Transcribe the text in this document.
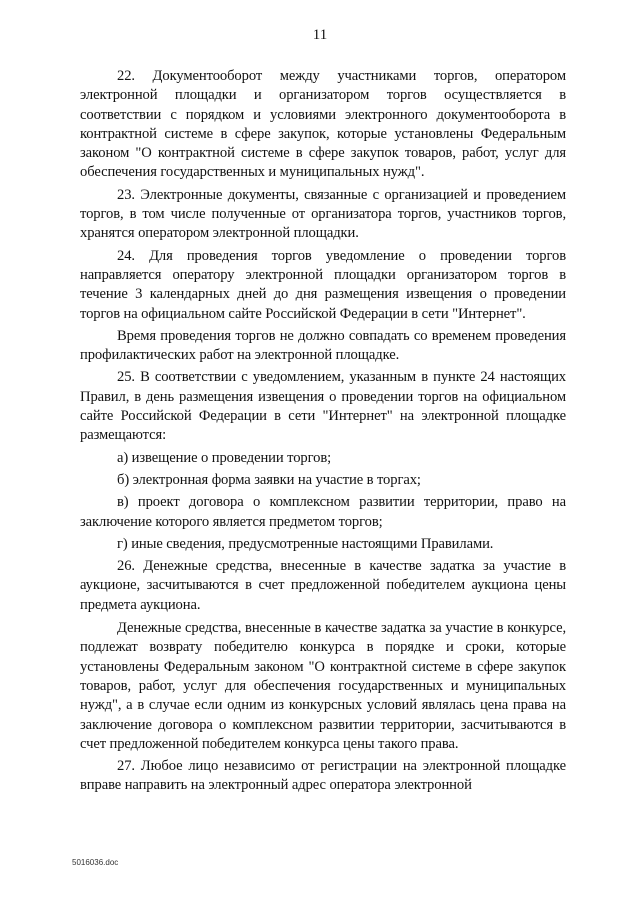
11

22. Документооборот между участниками торгов, оператором электронной площадки и организатором торгов осуществляется в соответствии с порядком и условиями электронного документооборота в контрактной системе в сфере закупок, которые установлены Федеральным законом "О контрактной системе в сфере закупок товаров, работ, услуг для обеспечения государственных и муниципальных нужд".

23. Электронные документы, связанные с организацией и проведением торгов, в том числе полученные от организатора торгов, участников торгов, хранятся оператором электронной площадки.

24. Для проведения торгов уведомление о проведении торгов направляется оператору электронной площадки организатором торгов в течение 3 календарных дней до дня размещения извещения о проведении торгов на официальном сайте Российской Федерации в сети "Интернет".

Время проведения торгов не должно совпадать со временем проведения профилактических работ на электронной площадке.

25. В соответствии с уведомлением, указанным в пункте 24 настоящих Правил, в день размещения извещения о проведении торгов на официальном сайте Российской Федерации в сети "Интернет" на электронной площадке размещаются:

а) извещение о проведении торгов;

б) электронная форма заявки на участие в торгах;

в) проект договора о комплексном развитии территории, право на заключение которого является предметом торгов;

г) иные сведения, предусмотренные настоящими Правилами.

26. Денежные средства, внесенные в качестве задатка за участие в аукционе, засчитываются в счет предложенной победителем аукциона цены предмета аукциона.

Денежные средства, внесенные в качестве задатка за участие в конкурсе, подлежат возврату победителю конкурса в порядке и сроки, которые установлены Федеральным законом "О контрактной системе в сфере закупок товаров, работ, услуг для обеспечения государственных и муниципальных нужд", а в случае если одним из конкурсных условий являлась цена права на заключение договора о комплексном развитии территории, засчитываются в счет предложенной победителем конкурса цены такого права.

27. Любое лицо независимо от регистрации на электронной площадке вправе направить на электронный адрес оператора электронной

5016036.doc
